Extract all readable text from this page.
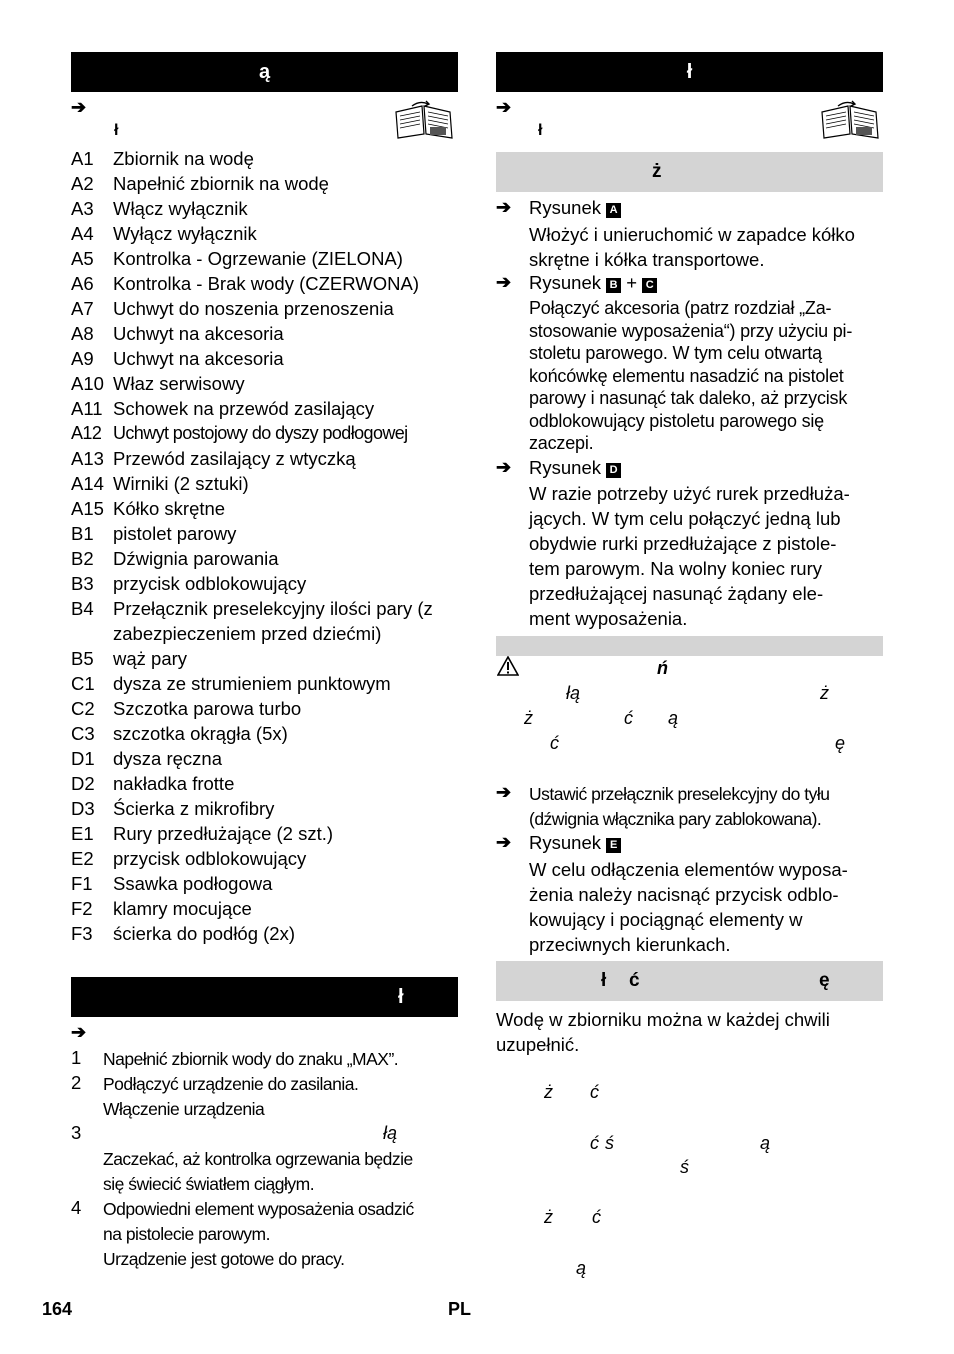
ą
➔
ł
A1 Zbiornik na wodę
A2 Napełnić zbiornik na wodę
A3 Włącz wyłącznik
A4 Wyłącz wyłącznik
A5 Kontrolka - Ogrzewanie (ZIELONA)
A6 Kontrolka - Brak wody (CZERWONA)
A7 Uchwyt do noszenia przenoszenia
A8 Uchwyt na akcesoria
A9 Uchwyt na akcesoria
A10 Właz serwisowy
A11 Schowek na przewód zasilający
A12 Uchwyt postojowy do dyszy podłogowej
A13 Przewód zasilający z wtyczką
A14 Wirniki (2 sztuki)
A15 Kółko skrętne
B1 pistolet parowy
B2 Dźwignia parowania
B3 przycisk odblokowujący
B4 Przełącznik preselekcyjny ilości pary (z
zabezpieczeniem przed dziećmi)
B5 wąż pary
C1 dysza ze strumieniem punktowym
C2 Szczotka parowa turbo
C3 szczotka okrągła (5x)
D1 dysza ręczna
D2 nakładka frotte
D3 Ścierka z mikrofibry
E1 Rury przedłużające (2 szt.)
E2 przycisk odblokowujący
F1 Ssawka podłogowa
F2 klamry mocujące
F3 ścierka do podłóg (2x)
ł
➔
1 Napełnić zbiornik wody do znaku „MAX”.
2 Podłączyć urządzenie do zasilania.
Włączenie urządzenia
3	łą
Zaczekać, aż kontrolka ogrzewania będzie
się świecić światłem ciągłym.
4 Odpowiedni element wyposażenia osadzić
na pistolecie parowym.
Urządzenie jest gotowe do pracy.
ł
➔
ł
ż
➔ Rysunek A
Włożyć i unieruchomić w zapadce kółko
skrętne i kółka transportowe.
➔ Rysunek B + C
Połączyć akcesoria (patrz rozdział „Za-
stosowanie wyposażenia“) przy użyciu pi-
stoletu parowego. W tym celu otwartą
końcówkę elementu nasadzić na pistolet
parowy i nasunąć tak daleko, aż przycisk
odblokowujący pistoletu parowego się
zaczepi.
➔ Rysunek D
W razie potrzeby użyć rurek przedłuża-
jących. W tym celu połączyć jedną lub
obydwie rurki przedłużające z pistole-
tem parowym. Na wolny koniec rury
przedłużającej nasunąć żądany ele-
ment wyposażenia.
ń
łą	ż
ż	ć ą
ć	ę
➔ Ustawić przełącznik preselekcyjny do tyłu
(dźwignia włącznika pary zablokowana).
➔ Rysunek E
W celu odłączenia elementów wyposa-
żenia należy nacisnąć przycisk odblo-
kowujący i pociągnąć elementy w
przeciwnych kierunkach.
ł ć	ę
Wodę w zbiorniku można w każdej chwili
uzupełnić.
ż ć
ć ś	ą
ś
ż ć
ą
164	PL
